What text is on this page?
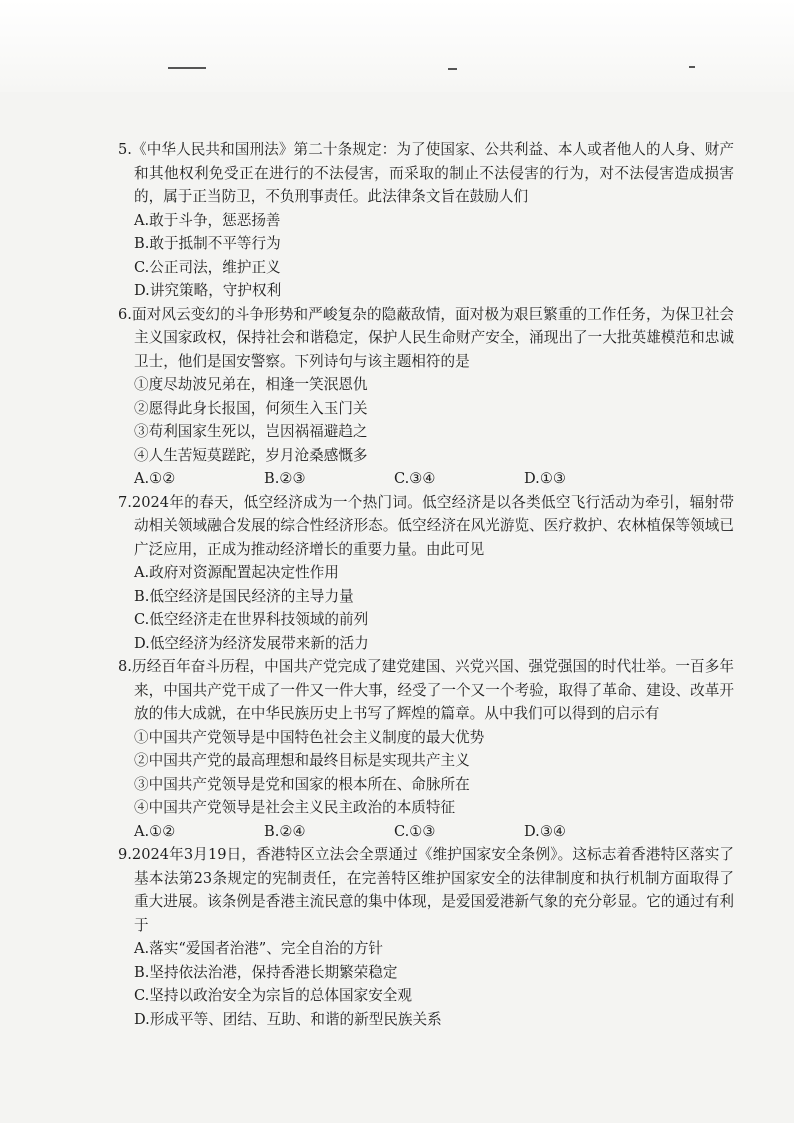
5.《中华人民共和国刑法》第二十条规定：为了使国家、公共利益、本人或者他人的人身、财产和其他权利免受正在进行的不法侵害，而采取的制止不法侵害的行为，对不法侵害造成损害的，属于正当防卫，不负刑事责任。此法律条文旨在鼓励人们
A.敢于斗争，惩恶扬善
B.敢于抵制不平等行为
C.公正司法，维护正义
D.讲究策略，守护权利
6.面对风云变幻的斗争形势和严峻复杂的隐蔽敌情，面对极为艰巨繁重的工作任务，为保卫社会主义国家政权，保持社会和谐稳定，保护人民生命财产安全，涌现出了一大批英雄模范和忠诚卫士，他们是国安警察。下列诗句与该主题相符的是
①度尽劫波兄弟在，相逢一笑泯恩仇
②愿得此身长报国，何须生入玉门关
③苟利国家生死以，岂因祸福避趋之
④人生苦短莫蹉跎，岁月沧桑感慨多
A.①②	B.②③	C.③④	D.①③
7.2024年的春天，低空经济成为一个热门词。低空经济是以各类低空飞行活动为牵引，辐射带动相关领域融合发展的综合性经济形态。低空经济在风光游览、医疗救护、农林植保等领域已广泛应用，正成为推动经济增长的重要力量。由此可见
A.政府对资源配置起决定性作用
B.低空经济是国民经济的主导力量
C.低空经济走在世界科技领域的前列
D.低空经济为经济发展带来新的活力
8.历经百年奋斗历程，中国共产党完成了建党建国、兴党兴国、强党强国的时代壮举。一百多年来，中国共产党干成了一件又一件大事，经受了一个又一个考验，取得了革命、建设、改革开放的伟大成就，在中华民族历史上书写了辉煌的篇章。从中我们可以得到的启示有
①中国共产党领导是中国特色社会主义制度的最大优势
②中国共产党的最高理想和最终目标是实现共产主义
③中国共产党领导是党和国家的根本所在、命脉所在
④中国共产党领导是社会主义民主政治的本质特征
A.①②	B.②④	C.①③	D.③④
9.2024年3月19日，香港特区立法会全票通过《维护国家安全条例》。这标志着香港特区落实了基本法第23条规定的宪制责任，在完善特区维护国家安全的法律制度和执行机制方面取得了重大进展。该条例是香港主流民意的集中体现，是爱国爱港新气象的充分彰显。它的通过有利于
A.落实“爱国者治港”、完全自治的方针
B.坚持依法治港，保持香港长期繁荣稳定
C.坚持以政治安全为宗旨的总体国家安全观
D.形成平等、团结、互助、和谐的新型民族关系
